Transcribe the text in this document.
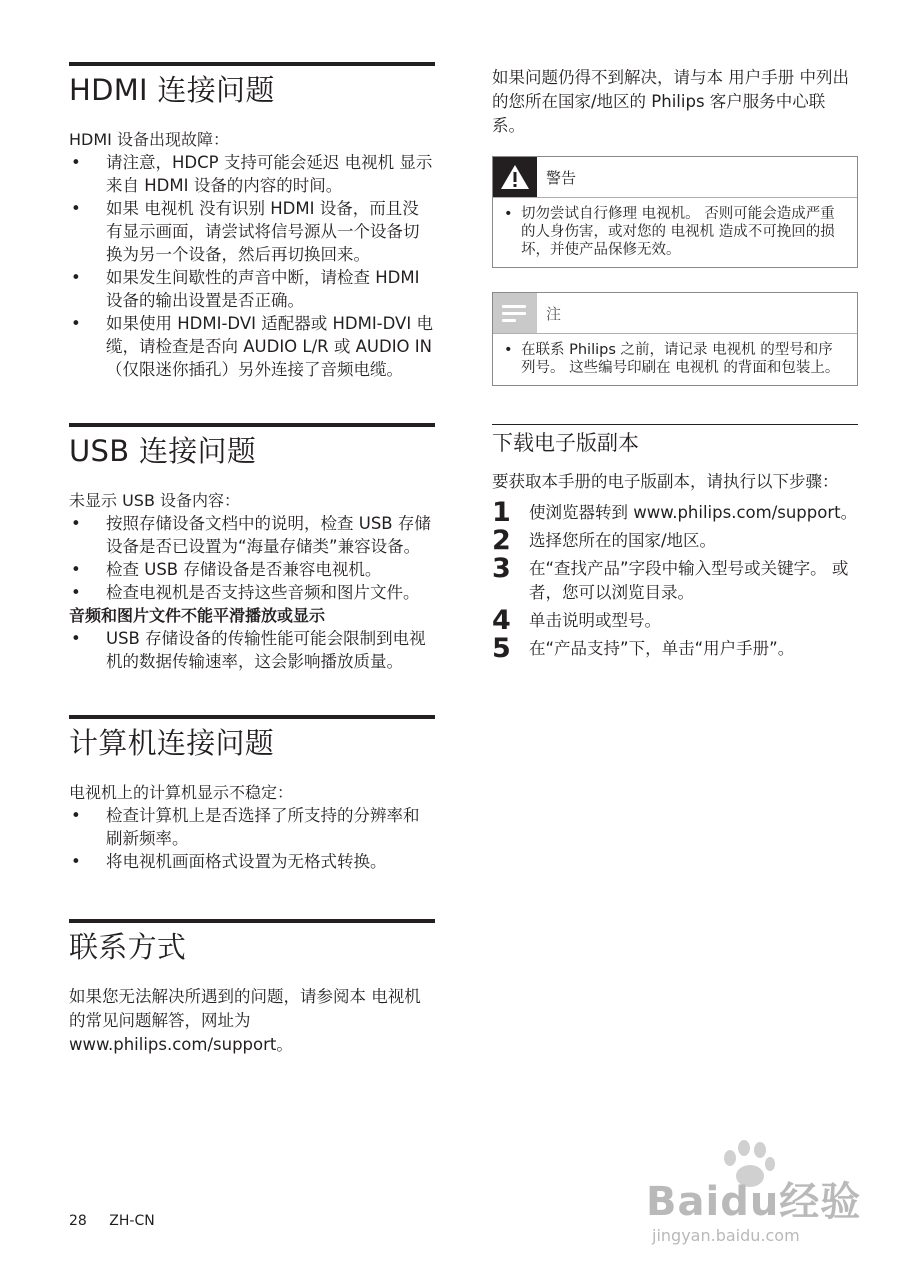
HDMI 连接问题

HDMI 设备出现故障：

• 请注意，HDCP 支持可能会延迟 电视机 显示来自 HDMI 设备的内容的时间。
• 如果 电视机 没有识别 HDMI 设备，而且没有显示画面，请尝试将信号源从一个设备切换为另一个设备，然后再切换回来。
• 如果发生间歇性的声音中断，请检查 HDMI 设备的输出设置是否正确。
• 如果使用 HDMI-DVI 适配器或 HDMI-DVI 电缆，请检查是否向 AUDIO L/R 或 AUDIO IN（仅限迷你插孔）另外连接了音频电缆。
USB 连接问题

未显示 USB 设备内容：

• 按照存储设备文档中的说明，检查 USB 存储设备是否已设置为“海量存储类”兼容设备。
• 检查 USB 存储设备是否兼容电视机。
• 检查电视机是否支持这些音频和图片文件。

音频和图片文件不能平滑播放或显示

• USB 存储设备的传输性能可能会限制到电视机的数据传输速率，这会影响播放质量。
计算机连接问题

电视机上的计算机显示不稳定：

• 检查计算机上是否选择了所支持的分辨率和刷新频率。
• 将电视机画面格式设置为无格式转换。
联系方式

如果您无法解决所遇到的问题，请参阅本 电视机 的常见问题解答，网址为 www.philips.com/support。

如果问题仍得不到解决，请与本 用户手册 中列出的您所在国家/地区的 Philips 客户服务中心联系。

警告
• 切勿尝试自行修理 电视机。 否则可能会造成严重的人身伤害，或对您的 电视机 造成不可挽回的损坏，并使产品保修无效。
注
• 在联系 Philips 之前，请记录 电视机 的型号和序列号。 这些编号印刷在 电视机 的背面和包装上。
下载电子版副本

要获取本手册的电子版副本，请执行以下步骤：

1	使浏览器转到 www.philips.com/support。
2	选择您所在的国家/地区。
3	在“查找产品”字段中输入型号或关键字。 或者，您可以浏览目录。
4	单击说明或型号。
5	在“产品支持”下，单击“用户手册”。
28 ZH-CN	Baidu经验
jingyan.baidu.com
